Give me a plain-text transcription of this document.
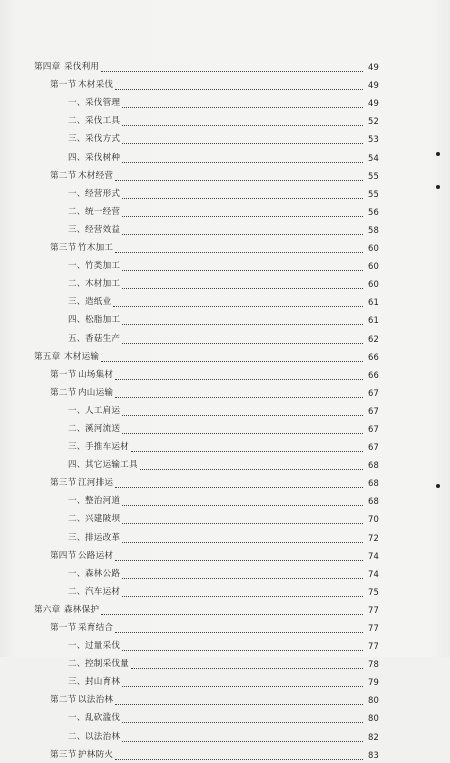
第四章 采伐利用	49
第一节 木材采伐	49
一、 采伐管理	49
二、 采伐工具	52
三、 采伐方式	53
四、 采伐树种	54
第二节 木材经营	55
一、 经营形式	55
二、 统一经营	56
三、 经营效益	58
第三节 竹木加工	60
一、 竹类加工	60
二、 木材加工	60
三、 造纸业	61
四、 松脂加工	61
五、 香菇生产	62
第五章 木材运输	66
第一节 山场集材	66
第二节 内山运输	67
一、 人工肩运	67
二、 溪河流送	67
三、 手推车运材	67
四、 其它运输工具	68
第三节 江河排运	68
一、 整治河道	68
二、 兴建陂坝	70
三、 排运改革	72
第四节 公路运材	74
一、 森林公路	74
二、 汽车运材	75
第六章 森林保护	77
第一节 采育结合	77
一、 过量采伐	77
二、 控制采伐量	78
三、 封山育林	79
第二节 以法治林	80
一、 乱砍滥伐	80
二、 以法治林	82
第三节 护林防火	83
